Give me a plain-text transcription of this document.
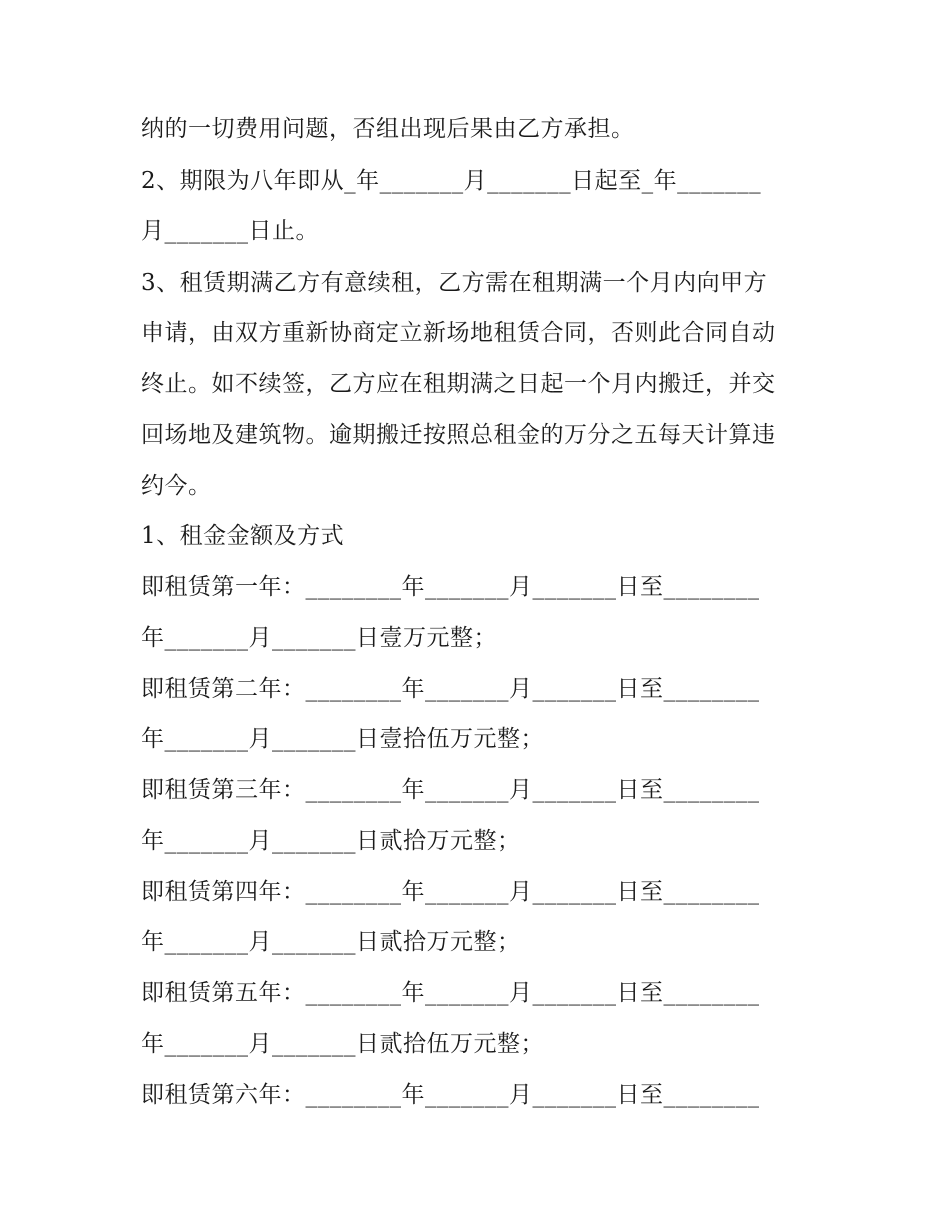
纳的一切费用问题，否组出现后果由乙方承担。
2、期限为八年即从_年_______月_______日起至_年_______
月_______日止。
3、租赁期满乙方有意续租，乙方需在租期满一个月内向甲方
申请，由双方重新协商定立新场地租赁合同，否则此合同自动
终止。如不续签，乙方应在租期满之日起一个月内搬迁，并交
回场地及建筑物。逾期搬迁按照总租金的万分之五每天计算违
约今。
1、租金金额及方式
即租赁第一年：________年_______月_______日至________
年_______月_______日壹万元整；
即租赁第二年：________年_______月_______日至________
年_______月_______日壹拾伍万元整；
即租赁第三年：________年_______月_______日至________
年_______月_______日贰拾万元整；
即租赁第四年：________年_______月_______日至________
年_______月_______日贰拾万元整；
即租赁第五年：________年_______月_______日至________
年_______月_______日贰拾伍万元整；
即租赁第六年：________年_______月_______日至________
